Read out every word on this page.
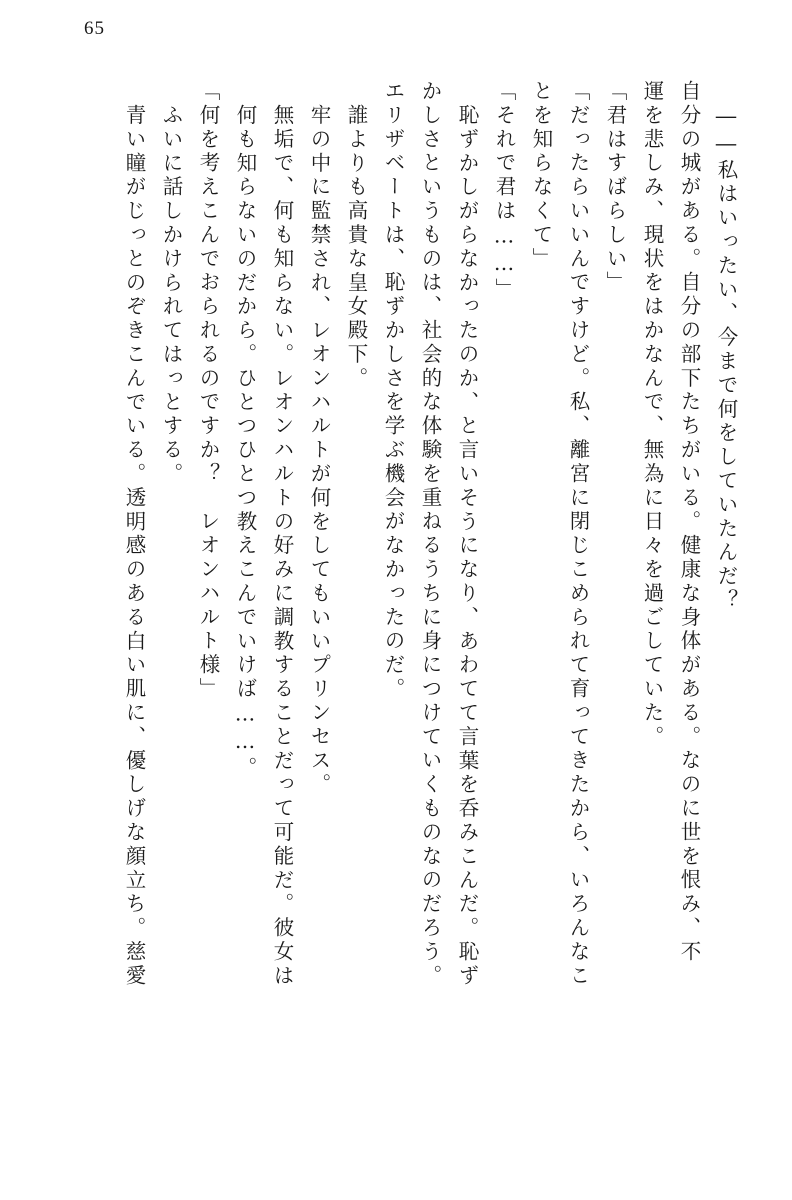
65
――私はいったい、今まで何をしていたんだ？
自分の城がある。自分の部下たちがいる。健康な身体がある。なのに世を恨み、不
運を悲しみ、現状をはかなんで、無為に日々を過ごしていた。
「君はすばらしい」
「だったらいいんですけど。私、離宮に閉じこめられて育ってきたから、いろんなこ
とを知らなくて」
「それで君は……」
恥ずかしがらなかったのか、と言いそうになり、あわてて言葉を呑みこんだ。恥ず
かしさというものは、社会的な体験を重ねるうちに身につけていくものなのだろう。
エリザベートは、恥ずかしさを学ぶ機会がなかったのだ。
誰よりも高貴な皇女殿下。
牢の中に監禁され、レオンハルトが何をしてもいいプリンセス。
無垢で、何も知らない。レオンハルトの好みに調教することだって可能だ。彼女は
何も知らないのだから。ひとつひとつ教えこんでいけば……。
「何を考えこんでおられるのですか？　レオンハルト様」
ふいに話しかけられてはっとする。
青い瞳がじっとのぞきこんでいる。透明感のある白い肌に、優しげな顔立ち。慈愛
